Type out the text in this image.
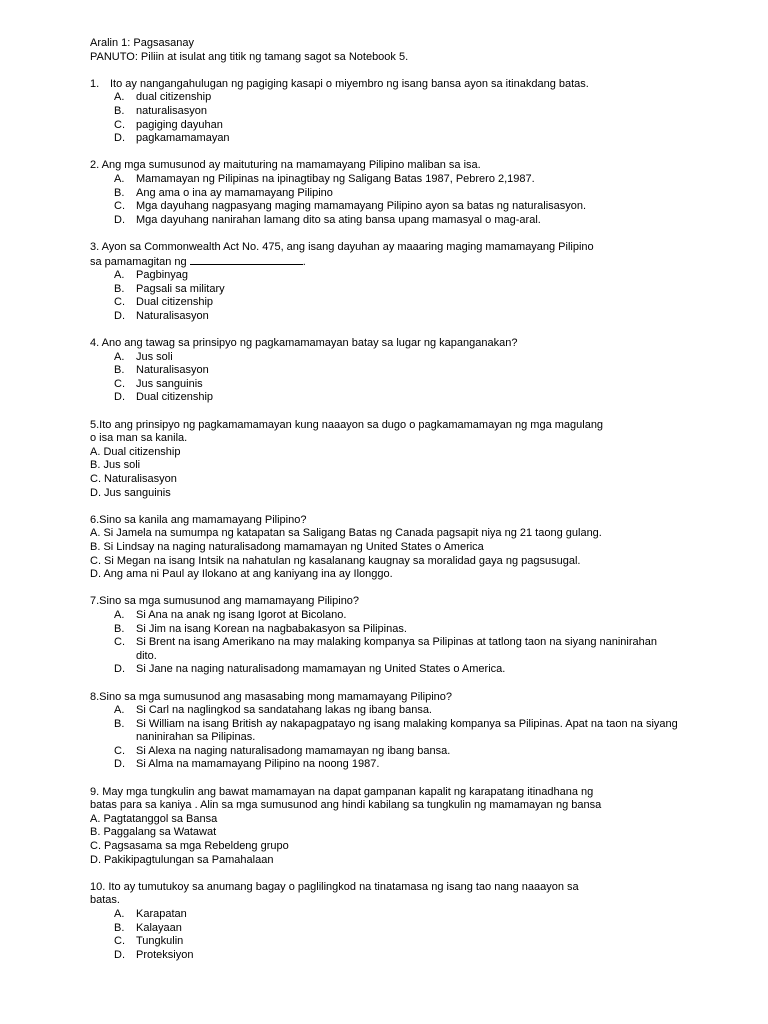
Aralin 1: Pagsasanay
PANUTO: Piliin at isulat ang titik ng tamang sagot sa Notebook 5.
1. Ito ay nangangahulugan ng pagiging kasapi o miyembro ng isang bansa ayon sa itinakdang batas.
A.	dual citizenship
B.	naturalisasyon
C.	pagiging dayuhan
D.	pagkamamamayan
2. Ang mga sumusunod ay maituturing na mamamayang Pilipino maliban sa isa.
A.	Mamamayan ng Pilipinas na ipinagtibay ng Saligang Batas 1987, Pebrero 2,1987.
B.	Ang ama o ina ay mamamayang Pilipino
C.	Mga dayuhang nagpasyang maging mamamayang Pilipino ayon sa batas ng naturalisasyon.
D.	Mga dayuhang nanirahan lamang dito sa ating bansa upang mamasyal o mag-aral.
3. Ayon sa Commonwealth Act No. 475, ang isang dayuhan ay maaaring maging mamamayang Pilipino
sa pamamagitan ng	.
A.	Pagbinyag
B.	Pagsali sa military
C.	Dual citizenship
D.	Naturalisasyon
4. Ano ang tawag sa prinsipyo ng pagkamamamayan batay sa lugar ng kapanganakan?
A.	Jus soli
B.	Naturalisasyon
C.	Jus sanguinis
D.	Dual citizenship
5.Ito ang prinsipyo ng pagkamamamayan kung naaayon sa dugo o pagkamamamayan ng mga magulang
o isa man sa kanila.
A. Dual citizenship
B. Jus soli
C. Naturalisasyon
D. Jus sanguinis
6.Sino sa kanila ang mamamayang Pilipino?
A. Si Jamela na sumumpa ng katapatan sa Saligang Batas ng Canada pagsapit niya ng 21 taong gulang.
B. Si Lindsay na naging naturalisadong mamamayan ng United States o America
C. Si Megan na isang Intsik na nahatulan ng kasalanang kaugnay sa moralidad gaya ng pagsusugal.
D. Ang ama ni Paul ay Ilokano at ang kaniyang ina ay Ilonggo.
7.Sino sa mga sumusunod ang mamamayang Pilipino?
A.	Si Ana na anak ng isang Igorot at Bicolano.
B.	Si Jim na isang Korean na nagbabakasyon sa Pilipinas.
C.	Si Brent na isang Amerikano na may malaking kompanya sa Pilipinas at tatlong taon na siyang naninirahan dito.
D.	Si Jane na naging naturalisadong mamamayan ng United States o America.
8.Sino sa mga sumusunod ang masasabing mong mamamayang Pilipino?
A.	Si Carl na naglingkod sa sandatahang lakas ng ibang bansa.
B.	Si William na isang British ay nakapagpatayo ng isang malaking kompanya sa Pilipinas. Apat na taon na siyang naninirahan sa Pilipinas.
C.	Si Alexa na naging naturalisadong mamamayan ng ibang bansa.
D.	Si Alma na mamamayang Pilipino na noong 1987.
9. May mga tungkulin ang bawat mamamayan na dapat gampanan kapalit ng karapatang itinadhana ng
batas para sa kaniya . Alin sa mga sumusunod ang hindi kabilang sa tungkulin ng mamamayan ng bansa
A. Pagtatanggol sa Bansa
B. Paggalang sa Watawat
C. Pagsasama sa mga Rebeldeng grupo
D. Pakikipagtulungan sa Pamahalaan
10. Ito ay tumutukoy sa anumang bagay o paglilingkod na tinatamasa ng isang tao nang naaayon sa
batas.
A.	Karapatan
B.	Kalayaan
C.	Tungkulin
D.	Proteksiyon
